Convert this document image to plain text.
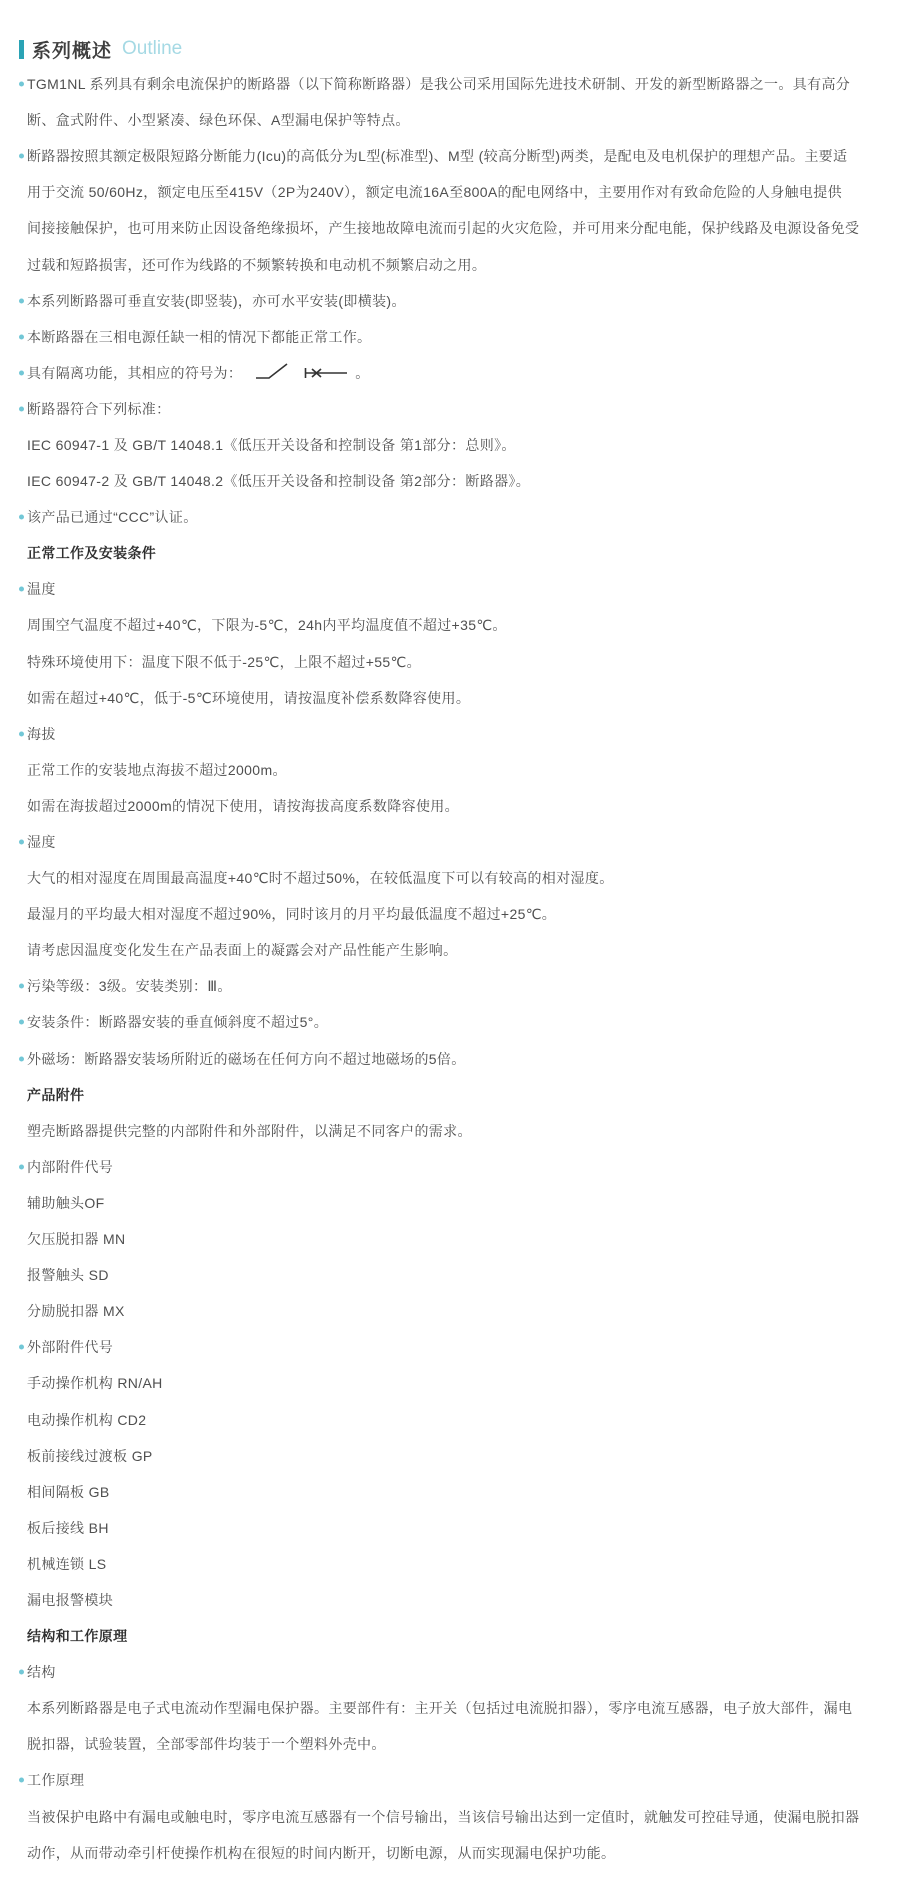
系列概述 Outline
TGM1NL 系列具有剩余电流保护的断路器（以下简称断路器）是我公司采用国际先进技术研制、开发的新型断路器之一。具有高分
断、盒式附件、小型紧凑、绿色环保、A型漏电保护等特点。
断路器按照其额定极限短路分断能力(Icu)的高低分为L型(标准型)、M型 (较高分断型)两类，是配电及电机保护的理想产品。主要适
用于交流 50/60Hz，额定电压至415V（2P为240V），额定电流16A至800A的配电网络中，主要用作对有致命危险的人身触电提供
间接接触保护，也可用来防止因设备绝缘损坏，产生接地故障电流而引起的火灾危险，并可用来分配电能，保护线路及电源设备免受
过载和短路损害，还可作为线路的不频繁转换和电动机不频繁启动之用。
本系列断路器可垂直安装(即竖装)，亦可水平安装(即横装)。
本断路器在三相电源任缺一相的情况下都能正常工作。
具有隔离功能，其相应的符号为：	。
断路器符合下列标准：
IEC 60947-1 及 GB/T 14048.1《低压开关设备和控制设备 第1部分：总则》。
IEC 60947-2 及 GB/T 14048.2《低压开关设备和控制设备 第2部分：断路器》。
该产品已通过“CCC”认证。
正常工作及安装条件
温度
周围空气温度不超过+40℃，下限为-5℃，24h内平均温度值不超过+35℃。
特殊环境使用下：温度下限不低于-25℃，上限不超过+55℃。
如需在超过+40℃，低于-5℃环境使用，请按温度补偿系数降容使用。
海拔
正常工作的安装地点海拔不超过2000m。
如需在海拔超过2000m的情况下使用，请按海拔高度系数降容使用。
湿度
大气的相对湿度在周围最高温度+40℃时不超过50%，在较低温度下可以有较高的相对湿度。
最湿月的平均最大相对湿度不超过90%，同时该月的月平均最低温度不超过+25℃。
请考虑因温度变化发生在产品表面上的凝露会对产品性能产生影响。
污染等级：3级。安装类别：Ⅲ。
安装条件：断路器安装的垂直倾斜度不超过5°。
外磁场：断路器安装场所附近的磁场在任何方向不超过地磁场的5倍。
产品附件
塑壳断路器提供完整的内部附件和外部附件，以满足不同客户的需求。
内部附件代号
辅助触头OF
欠压脱扣器 MN
报警触头 SD
分励脱扣器 MX
外部附件代号
手动操作机构 RN/AH
电动操作机构 CD2
板前接线过渡板 GP
相间隔板 GB
板后接线 BH
机械连锁 LS
漏电报警模块
结构和工作原理
结构
本系列断路器是电子式电流动作型漏电保护器。主要部件有：主开关（包括过电流脱扣器），零序电流互感器，电子放大部件，漏电
脱扣器，试验装置，全部零部件均装于一个塑料外壳中。
工作原理
当被保护电路中有漏电或触电时，零序电流互感器有一个信号输出，当该信号输出达到一定值时，就触发可控硅导通，使漏电脱扣器
动作，从而带动牵引杆使操作机构在很短的时间内断开，切断电源，从而实现漏电保护功能。
